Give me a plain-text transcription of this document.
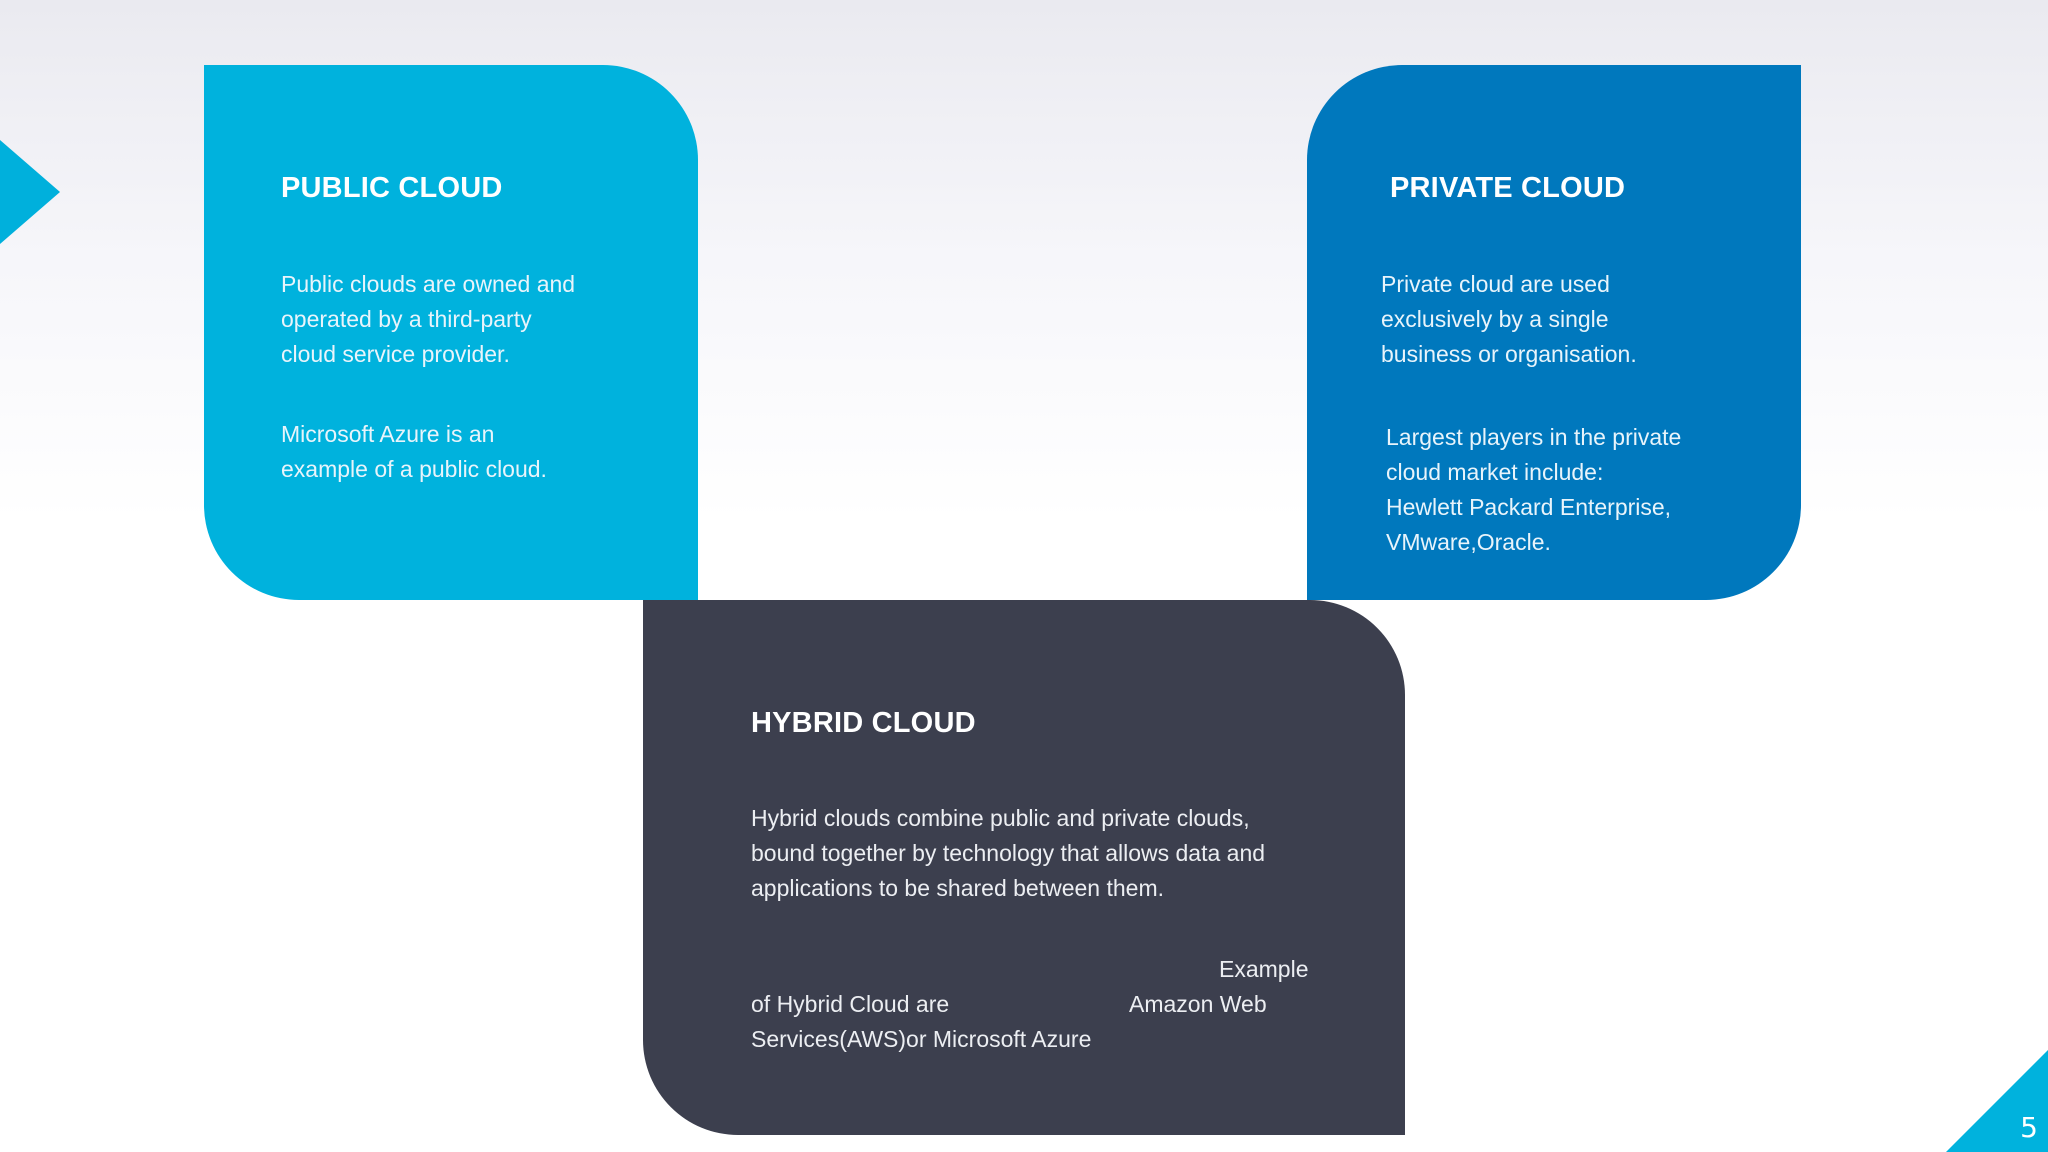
PUBLIC CLOUD
Public clouds are owned and
operated by a third-party
cloud service provider.
Microsoft Azure is an
example of a public cloud.
PRIVATE CLOUD
Private cloud are used
exclusively by a single
business or organisation.
Largest players in the private
cloud market include:
Hewlett Packard Enterprise,
VMware,Oracle.
HYBRID CLOUD
Hybrid clouds combine public and private clouds,
bound together by technology that allows data and
applications to be shared between them.
Example
of Hybrid Cloud are	Amazon Web
Services(AWS)or Microsoft Azure
5
